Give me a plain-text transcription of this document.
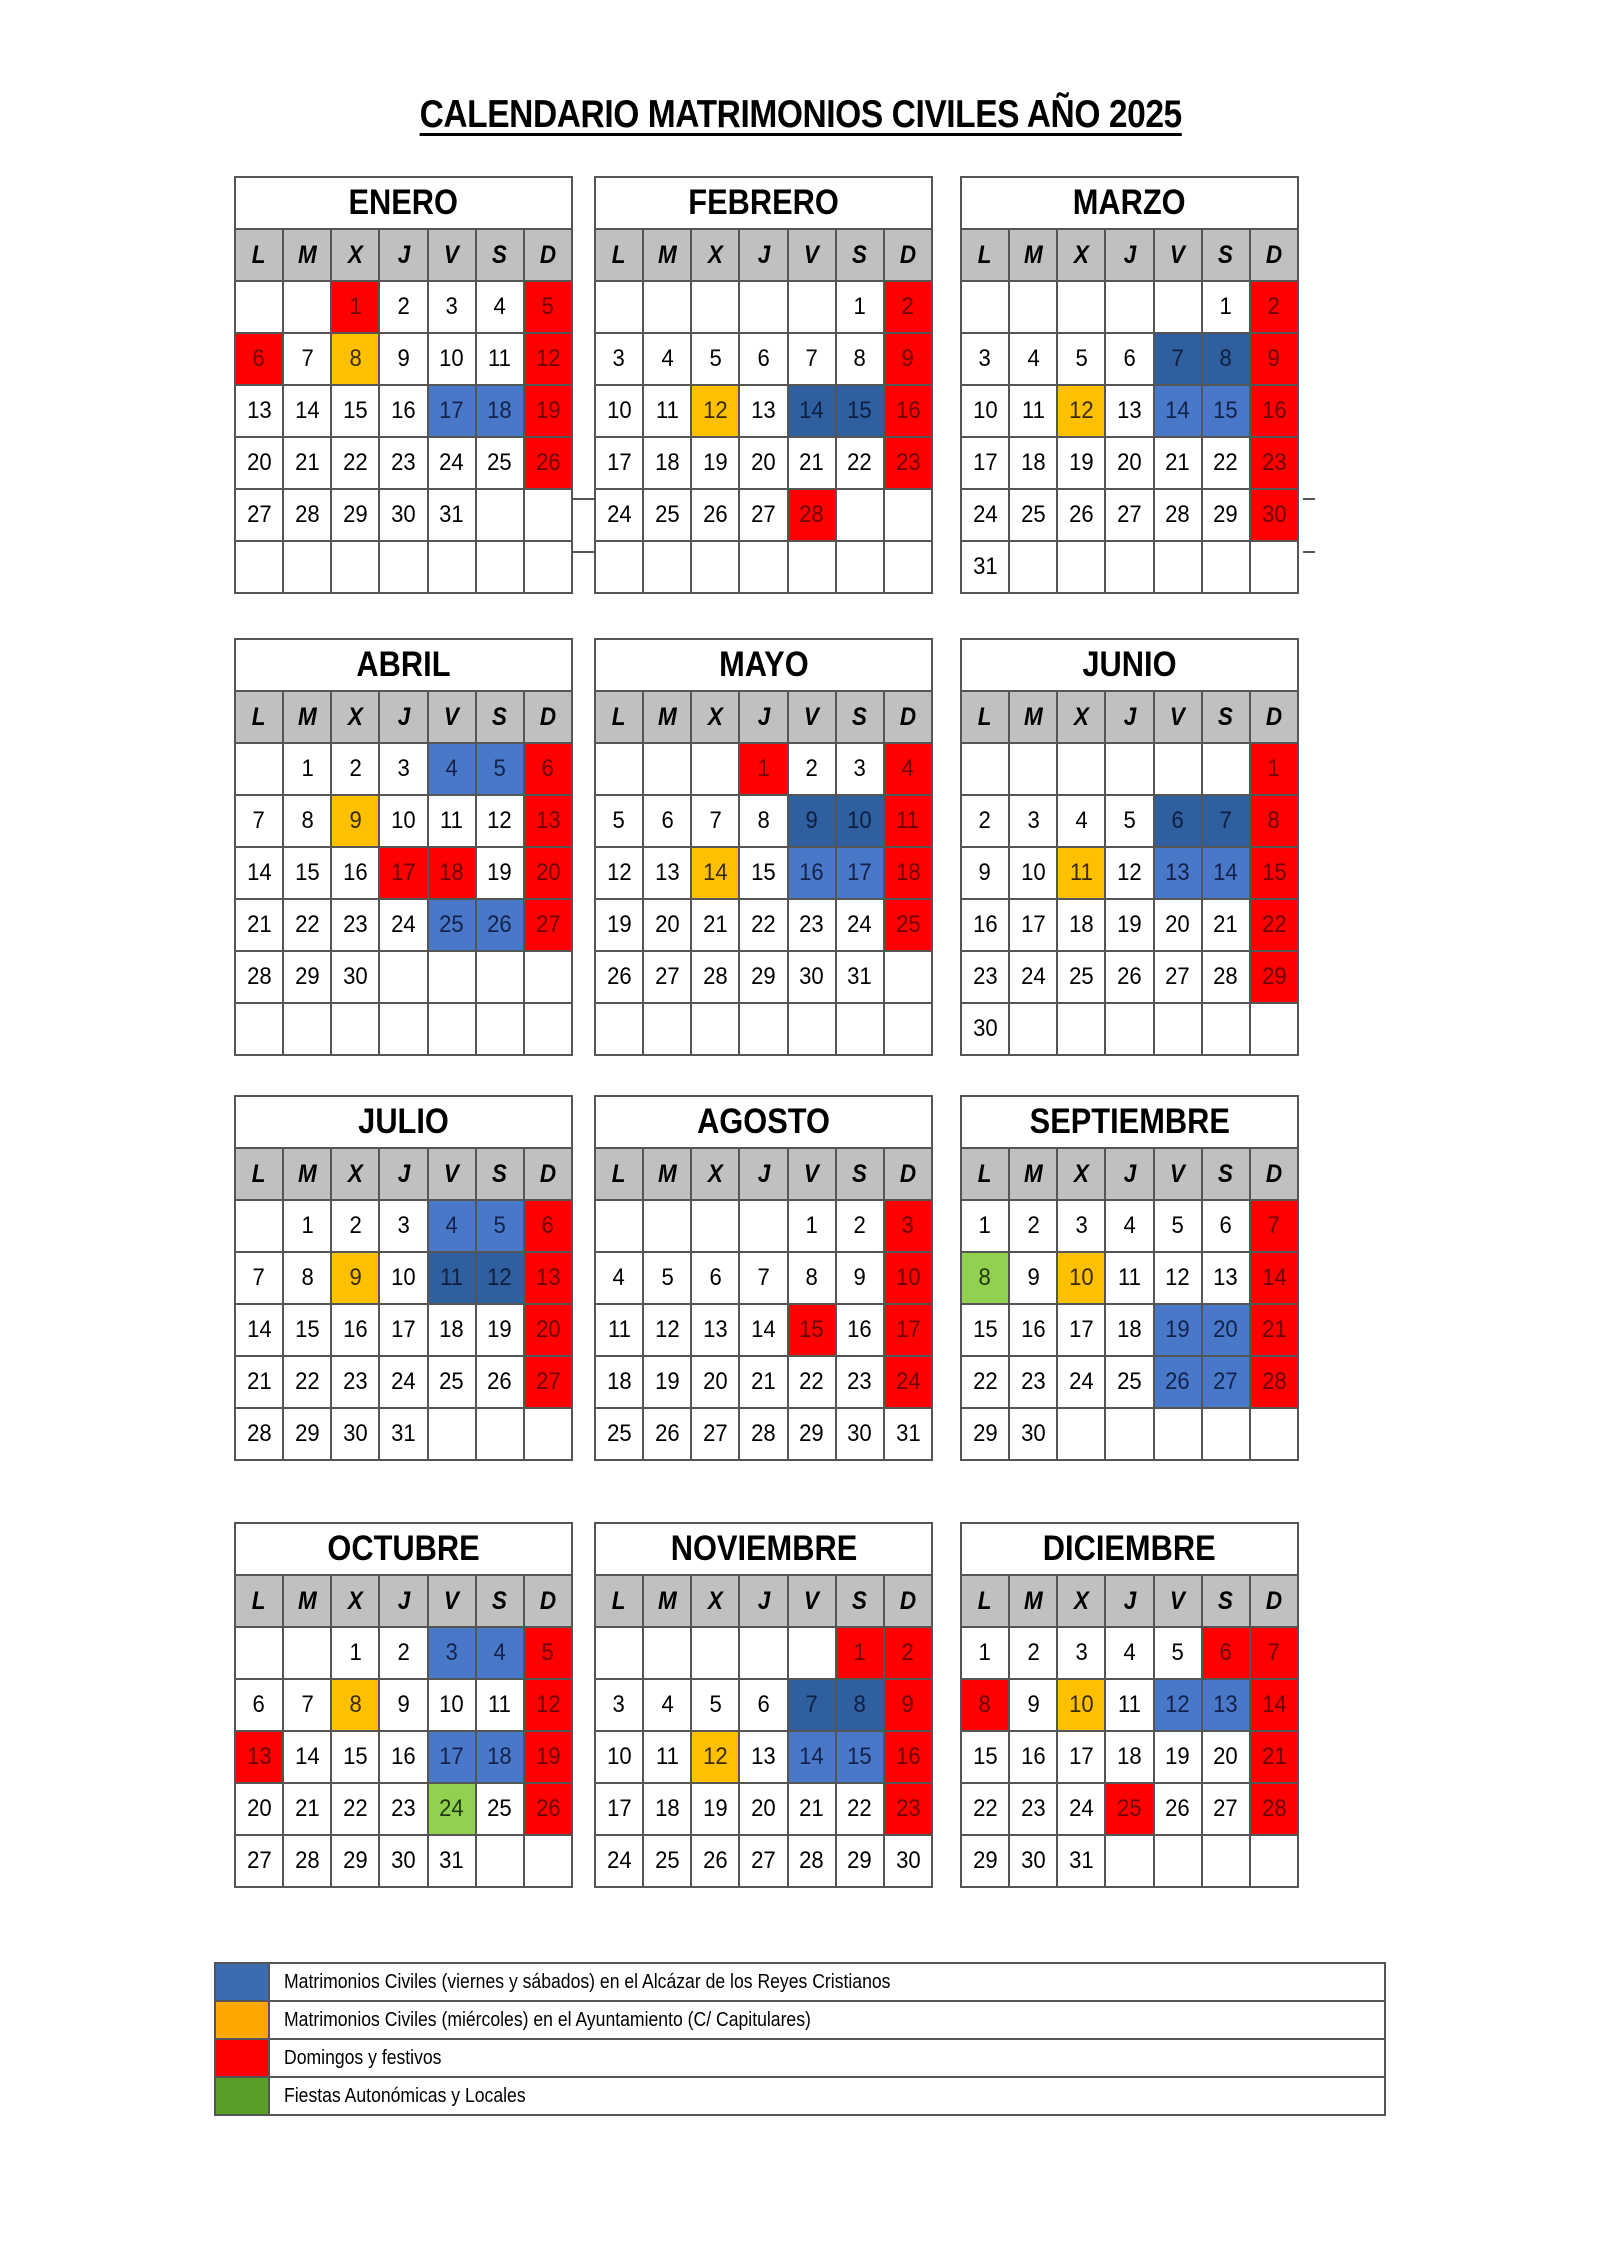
CALENDARIO MATRIMONIOS CIVILES AÑO 2025
ENERO						
L	M	X	J	V	S	D
		1	2	3	4	5
6	7	8	9	10	11	12
13	14	15	16	17	18	19
20	21	22	23	24	25	26
27	28	29	30	31		

FEBRERO						
L	M	X	J	V	S	D
					1	2
3	4	5	6	7	8	9
10	11	12	13	14	15	16
17	18	19	20	21	22	23
24	25	26	27	28		

MARZO						
L	M	X	J	V	S	D
					1	2
3	4	5	6	7	8	9
10	11	12	13	14	15	16
17	18	19	20	21	22	23
24	25	26	27	28	29	30
31						
ABRIL						
L	M	X	J	V	S	D
	1	2	3	4	5	6
7	8	9	10	11	12	13
14	15	16	17	18	19	20
21	22	23	24	25	26	27
28	29	30				

MAYO						
L	M	X	J	V	S	D
			1	2	3	4
5	6	7	8	9	10	11
12	13	14	15	16	17	18
19	20	21	22	23	24	25
26	27	28	29	30	31	

JUNIO						
L	M	X	J	V	S	D
						1
2	3	4	5	6	7	8
9	10	11	12	13	14	15
16	17	18	19	20	21	22
23	24	25	26	27	28	29
30						
JULIO						
L	M	X	J	V	S	D
	1	2	3	4	5	6
7	8	9	10	11	12	13
14	15	16	17	18	19	20
21	22	23	24	25	26	27
28	29	30	31			
AGOSTO						
L	M	X	J	V	S	D
				1	2	3
4	5	6	7	8	9	10
11	12	13	14	15	16	17
18	19	20	21	22	23	24
25	26	27	28	29	30	31
SEPTIEMBRE						
L	M	X	J	V	S	D
1	2	3	4	5	6	7
8	9	10	11	12	13	14
15	16	17	18	19	20	21
22	23	24	25	26	27	28
29	30					
OCTUBRE						
L	M	X	J	V	S	D
		1	2	3	4	5
6	7	8	9	10	11	12
13	14	15	16	17	18	19
20	21	22	23	24	25	26
27	28	29	30	31		
NOVIEMBRE						
L	M	X	J	V	S	D
					1	2
3	4	5	6	7	8	9
10	11	12	13	14	15	16
17	18	19	20	21	22	23
24	25	26	27	28	29	30
DICIEMBRE						
L	M	X	J	V	S	D
1	2	3	4	5	6	7
8	9	10	11	12	13	14
15	16	17	18	19	20	21
22	23	24	25	26	27	28
29	30	31				
	Matrimonios Civiles (viernes y sábados) en el Alcázar de los Reyes Cristianos
	Matrimonios Civiles (miércoles) en el Ayuntamiento (C/ Capitulares)
	Domingos y festivos
	Fiestas Autonómicas y Locales
